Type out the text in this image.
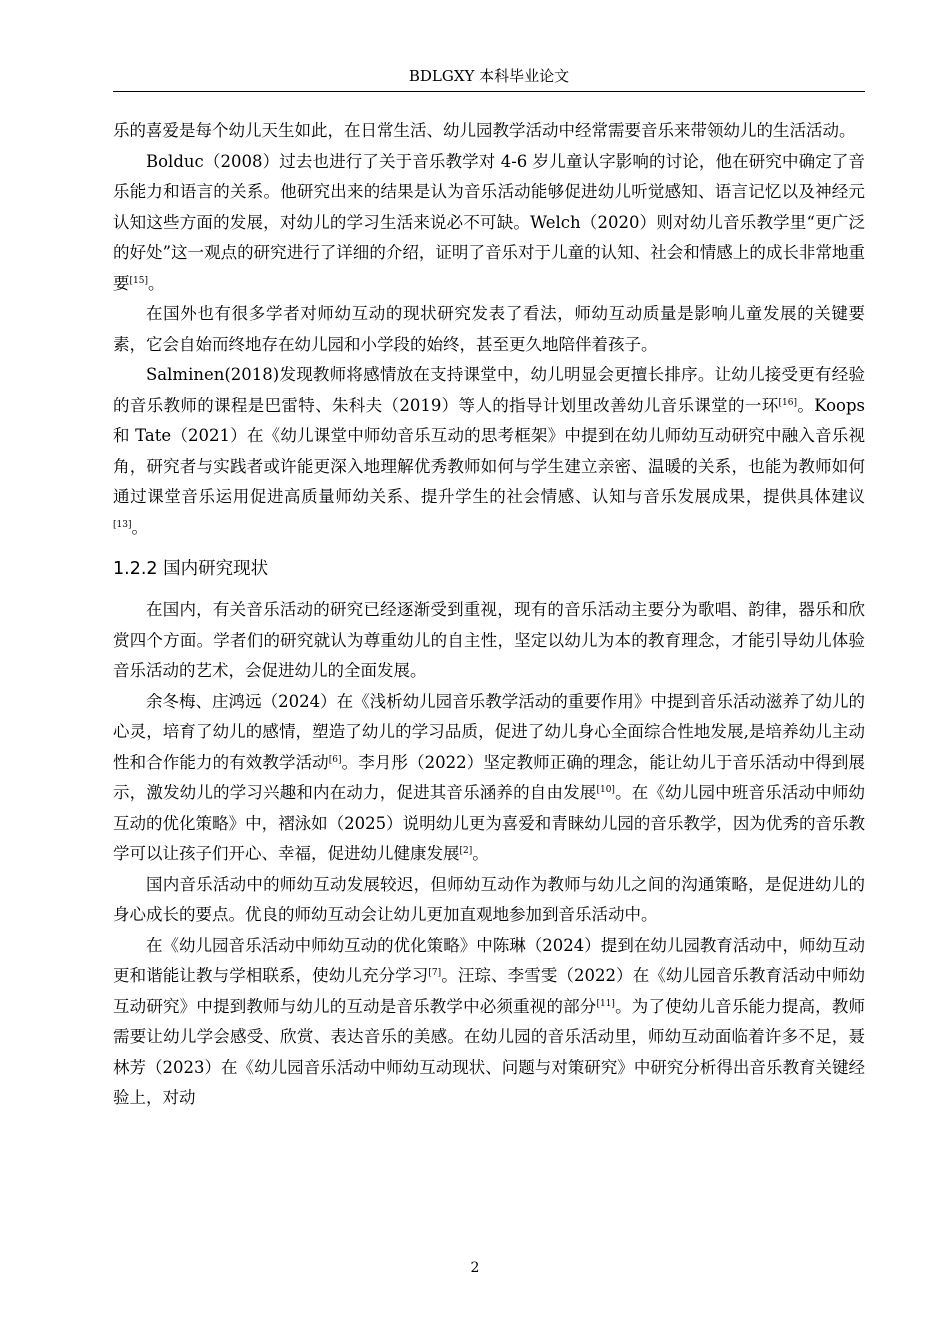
BDLGXY 本科毕业论文

乐的喜爱是每个幼儿天生如此，在日常生活、幼儿园教学活动中经常需要音乐来带领幼儿的生活活动。

Bolduc（2008）过去也进行了关于音乐教学对 4-6 岁儿童认字影响的讨论，他在研究中确定了音乐能力和语言的关系。他研究出来的结果是认为音乐活动能够促进幼儿听觉感知、语言记忆以及神经元认知这些方面的发展，对幼儿的学习生活来说必不可缺。Welch（2020）则对幼儿音乐教学里“更广泛的好处”这一观点的研究进行了详细的介绍，证明了音乐对于儿童的认知、社会和情感上的成长非常地重要[15]。

在国外也有很多学者对师幼互动的现状研究发表了看法，师幼互动质量是影响儿童发展的关键要素，它会自始而终地存在幼儿园和小学段的始终，甚至更久地陪伴着孩子。

Salminen(2018)发现教师将感情放在支持课堂中，幼儿明显会更擅长排序。让幼儿接受更有经验的音乐教师的课程是巴雷特、朱科夫（2019）等人的指导计划里改善幼儿音乐课堂的一环[16]。Koops 和 Tate（2021）在《幼儿课堂中师幼音乐互动的思考框架》中提到在幼儿师幼互动研究中融入音乐视角，研究者与实践者或许能更深入地理解优秀教师如何与学生建立亲密、温暖的关系，也能为教师如何通过课堂音乐运用促进高质量师幼关系、提升学生的社会情感、认知与音乐发展成果，提供具体建议[13]。

1.2.2 国内研究现状

在国内，有关音乐活动的研究已经逐渐受到重视，现有的音乐活动主要分为歌唱、韵律，器乐和欣赏四个方面。学者们的研究就认为尊重幼儿的自主性，坚定以幼儿为本的教育理念，才能引导幼儿体验音乐活动的艺术，会促进幼儿的全面发展。

余冬梅、庄鸿远（2024）在《浅析幼儿园音乐教学活动的重要作用》中提到音乐活动滋养了幼儿的心灵，培育了幼儿的感情，塑造了幼儿的学习品质，促进了幼儿身心全面综合性地发展,是培养幼儿主动性和合作能力的有效教学活动[6]。李月彤（2022）坚定教师正确的理念，能让幼儿于音乐活动中得到展示，激发幼儿的学习兴趣和内在动力，促进其音乐涵养的自由发展[10]。在《幼儿园中班音乐活动中师幼互动的优化策略》中，褶泳如（2025）说明幼儿更为喜爱和青睐幼儿园的音乐教学，因为优秀的音乐教学可以让孩子们开心、幸福，促进幼儿健康发展[2]。

国内音乐活动中的师幼互动发展较迟，但师幼互动作为教师与幼儿之间的沟通策略，是促进幼儿的身心成长的要点。优良的师幼互动会让幼儿更加直观地参加到音乐活动中。

在《幼儿园音乐活动中师幼互动的优化策略》中陈琳（2024）提到在幼儿园教育活动中，师幼互动更和谐能让教与学相联系，使幼儿充分学习[7]。汪琮、李雪雯（2022）在《幼儿园音乐教育活动中师幼互动研究》中提到教师与幼儿的互动是音乐教学中必须重视的部分[11]。为了使幼儿音乐能力提高，教师需要让幼儿学会感受、欣赏、表达音乐的美感。在幼儿园的音乐活动里，师幼互动面临着许多不足，聂林芳（2023）在《幼儿园音乐活动中师幼互动现状、问题与对策研究》中研究分析得出音乐教育关键经验上，对动

2
